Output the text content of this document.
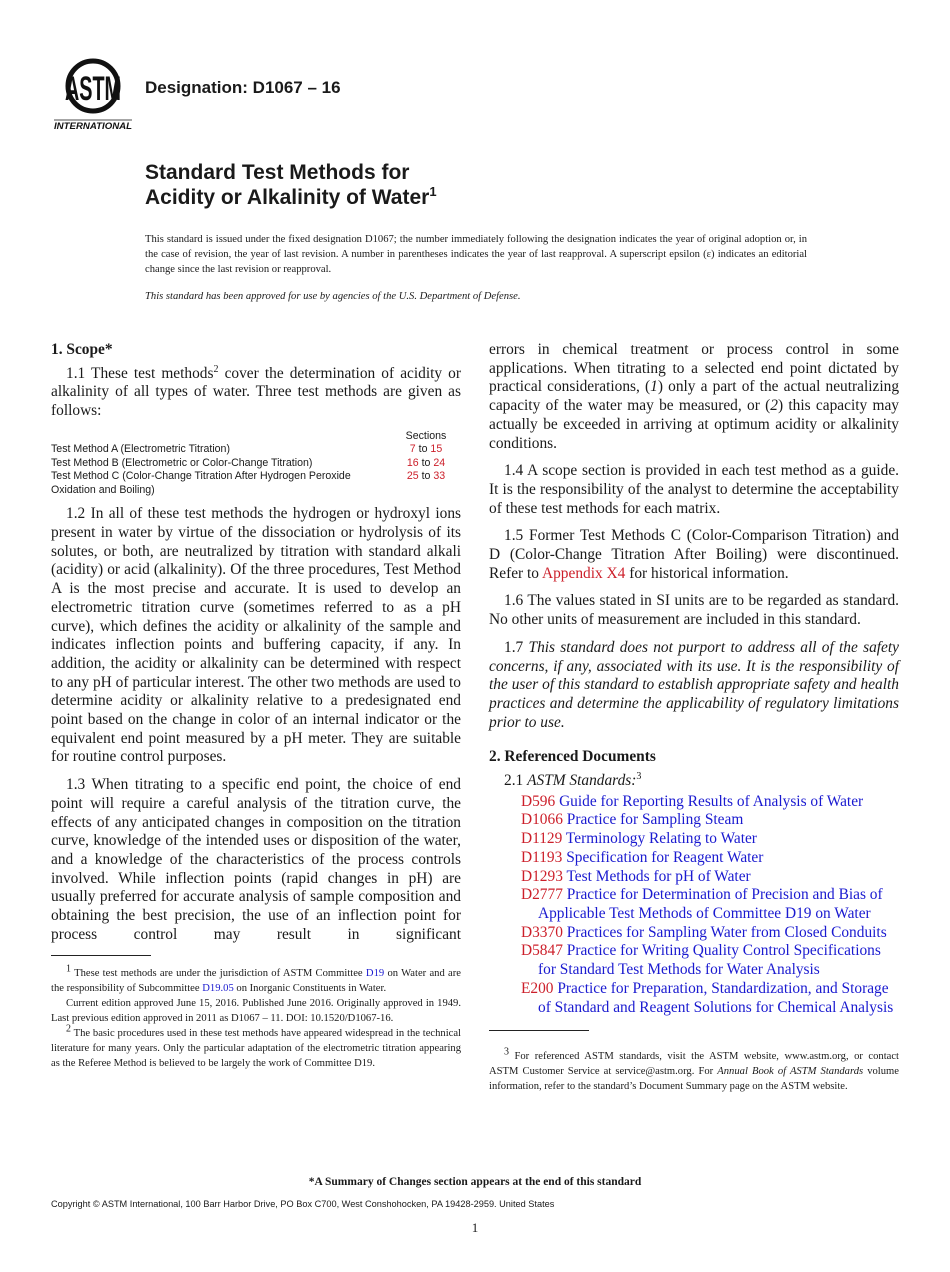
ASTM
INTERNATIONAL
Designation: D1067 – 16
Standard Test Methods for
Acidity or Alkalinity of Water$^1$

This standard is issued under the fixed designation D1067; the number immediately following the designation indicates the year of original adoption or, in the case of revision, the year of last revision. A number in parentheses indicates the year of last reapproval. A superscript epsilon (ε) indicates an editorial change since the last revision or reapproval.

This standard has been approved for use by agencies of the U.S. Department of Defense.

1. Scope*

1.1 These test methods$^2$ cover the determination of acidity or alkalinity of all types of water. Three test methods are given as follows:

	Sections
Test Method A (Electrometric Titration)	7 to 15
Test Method B (Electrometric or Color-Change Titration)	16 to 24
Test Method C (Color-Change Titration After Hydrogen Peroxide Oxidation and Boiling)	25 to 33

1.2 In all of these test methods the hydrogen or hydroxyl ions present in water by virtue of the dissociation or hydrolysis of its solutes, or both, are neutralized by titration with standard alkali (acidity) or acid (alkalinity). Of the three procedures, Test Method A is the most precise and accurate. It is used to develop an electrometric titration curve (sometimes referred to as a pH curve), which defines the acidity or alkalinity of the sample and indicates inflection points and buffering capacity, if any. In addition, the acidity or alkalinity can be determined with respect to any pH of particular interest. The other two methods are used to determine acidity or alkalinity relative to a predesignated end point based on the change in color of an internal indicator or the equivalent end point measured by a pH meter. They are suitable for routine control purposes.

1.3 When titrating to a specific end point, the choice of end point will require a careful analysis of the titration curve, the effects of any anticipated changes in composition on the titration curve, knowledge of the intended uses or disposition of the water, and a knowledge of the characteristics of the process controls involved. While inflection points (rapid changes in pH) are usually preferred for accurate analysis of sample composition and obtaining the best precision, the use of an inflection point for process control may result in significant

$^1$ These test methods are under the jurisdiction of ASTM Committee D19 on Water and are the responsibility of Subcommittee D19.05 on Inorganic Constituents in Water.

Current edition approved June 15, 2016. Published June 2016. Originally approved in 1949. Last previous edition approved in 2011 as D1067 – 11. DOI: 10.1520/D1067-16.

$^2$ The basic procedures used in these test methods have appeared widespread in the technical literature for many years. Only the particular adaptation of the electrometric titration appearing as the Referee Method is believed to be largely the work of Committee D19.

errors in chemical treatment or process control in some applications. When titrating to a selected end point dictated by practical considerations, (1) only a part of the actual neutralizing capacity of the water may be measured, or (2) this capacity may actually be exceeded in arriving at optimum acidity or alkalinity conditions.

1.4 A scope section is provided in each test method as a guide. It is the responsibility of the analyst to determine the acceptability of these test methods for each matrix.

1.5 Former Test Methods C (Color-Comparison Titration) and D (Color-Change Titration After Boiling) were discontinued. Refer to Appendix X4 for historical information.

1.6 The values stated in SI units are to be regarded as standard. No other units of measurement are included in this standard.

1.7 This standard does not purport to address all of the safety concerns, if any, associated with its use. It is the responsibility of the user of this standard to establish appropriate safety and health practices and determine the applicability of regulatory limitations prior to use.

2. Referenced Documents

2.1 ASTM Standards:$^3$

D596 Guide for Reporting Results of Analysis of Water
D1066 Practice for Sampling Steam
D1129 Terminology Relating to Water
D1193 Specification for Reagent Water
D1293 Test Methods for pH of Water
D2777 Practice for Determination of Precision and Bias of Applicable Test Methods of Committee D19 on Water
D3370 Practices for Sampling Water from Closed Conduits
D5847 Practice for Writing Quality Control Specifications for Standard Test Methods for Water Analysis
E200 Practice for Preparation, Standardization, and Storage of Standard and Reagent Solutions for Chemical Analysis

$^3$ For referenced ASTM standards, visit the ASTM website, www.astm.org, or contact ASTM Customer Service at service@astm.org. For Annual Book of ASTM Standards volume information, refer to the standard’s Document Summary page on the ASTM website.

*A Summary of Changes section appears at the end of this standard
Copyright © ASTM International, 100 Barr Harbor Drive, PO Box C700, West Conshohocken, PA 19428-2959. United States
1
